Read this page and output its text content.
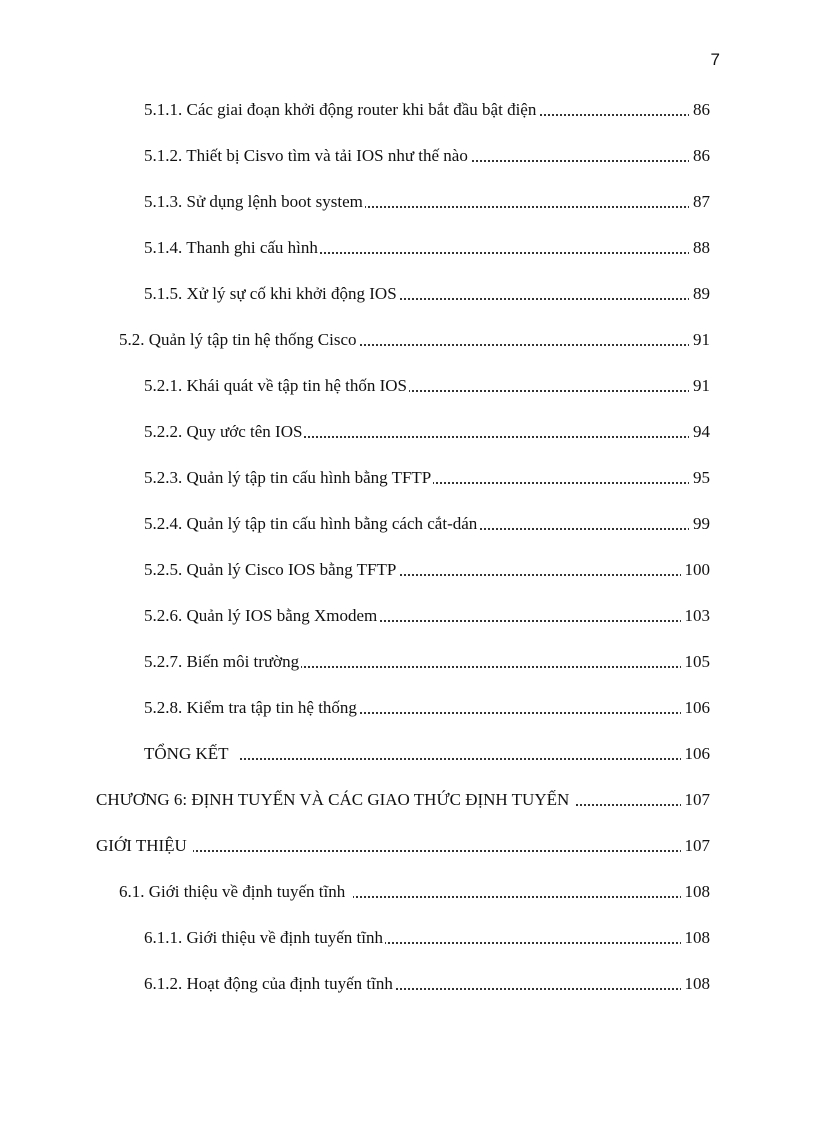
7
5.1.1. Các giai đoạn khởi động router khi bắt đầu bật điện	86
5.1.2. Thiết bị Cisvo tìm và tải IOS như thế nào	86
5.1.3. Sử dụng lệnh boot system	87
5.1.4. Thanh ghi cấu hình	88
5.1.5. Xử lý sự cố khi khởi động IOS	89
5.2. Quản lý tập tin hệ thống Cisco	91
5.2.1. Khái quát về tập tin hệ thốn IOS	91
5.2.2. Quy ước tên IOS	94
5.2.3. Quản lý tập tin cấu hình bằng TFTP	95
5.2.4. Quản lý tập tin cấu hình bằng cách cắt-dán	99
5.2.5. Quản lý Cisco IOS bằng TFTP	100
5.2.6. Quản lý IOS bằng Xmodem	103
5.2.7. Biến môi trường	105
5.2.8. Kiểm tra tập tin hệ thống	106
TỔNG KẾT	106
CHƯƠNG 6: ĐỊNH TUYẾN VÀ CÁC GIAO THỨC ĐỊNH TUYẾN	107
GIỚI THIỆU	107
6.1. Giới thiệu về định tuyến tĩnh	108
6.1.1. Giới thiệu về định tuyến tĩnh	108
6.1.2. Hoạt động của định tuyến tĩnh	108
